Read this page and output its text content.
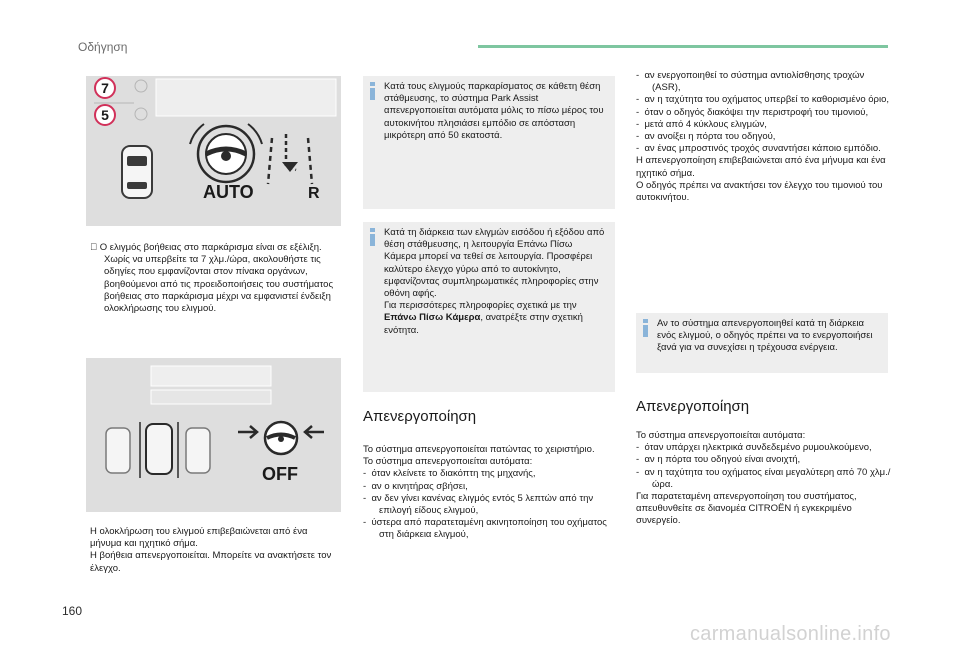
Οδήγηση
7
5
AUTO	R

Ο ελιγμός βοήθειας στο παρκάρισμα είναι σε εξέλιξη.

Χωρίς να υπερβείτε τα 7 χλμ./ώρα, ακολουθήστε τις οδηγίες που εμφανίζονται στον πίνακα οργάνων, βοηθούμενοι από τις προειδοποιήσεις του συστήματος βοήθειας στο παρκάρισμα μέχρι να εμφανιστεί ένδειξη ολοκλήρωσης του ελιγμού.

OFF

Η ολοκλήρωση του ελιγμού επιβεβαιώνεται από ένα μήνυμα και ηχητικό σήμα.

Η βοήθεια απενεργοποιείται. Μπορείτε να ανακτήσετε τον έλεγχο.

Κατά τους ελιγμούς παρκαρίσματος σε κάθετη θέση στάθμευσης, το σύστημα Park Assist απενεργοποιείται αυτόματα μόλις το πίσω μέρος του αυτοκινήτου πλησιάσει εμπόδιο σε απόσταση μικρότερη από 50 εκατοστά.
Κατά τη διάρκεια των ελιγμών εισόδου ή εξόδου από θέση στάθμευσης, η λειτουργία Επάνω Πίσω Κάμερα μπορεί να τεθεί σε λειτουργία. Προσφέρει καλύτερο έλεγχο γύρω από το αυτοκίνητο, εμφανίζοντας συμπληρωματικές πληροφορίες στην οθόνη αφής.
Για περισσότερες πληροφορίες σχετικά με την Επάνω Πίσω Κάμερα, ανατρέξτε στην σχετική ενότητα.
Απενεργοποίηση

Το σύστημα απενεργοποιείται πατώντας το χειριστήριο.

Το σύστημα απενεργοποιείται αυτόματα:

-  όταν κλείνετε το διακόπτη της μηχανής,

-  αν ο κινητήρας σβήσει,

-  αν δεν γίνει κανένας ελιγμός εντός 5 λεπτών από την επιλογή είδους ελιγμού,

-  ύστερα από παρατεταμένη ακινητοποίηση του οχήματος στη διάρκεια ελιγμού,

-  αν ενεργοποιηθεί το σύστημα αντιολίσθησης τροχών (ASR),

-  αν η ταχύτητα του οχήματος υπερβεί το καθορισμένο όριο,

-  όταν ο οδηγός διακόψει την περιστροφή του τιμονιού,

-  μετά από 4 κύκλους ελιγμών,

-  αν ανοίξει η πόρτα του οδηγού,

-  αν ένας μπροστινός τροχός συναντήσει κάποιο εμπόδιο.

Η απενεργοποίηση επιβεβαιώνεται από ένα μήνυμα και ένα ηχητικό σήμα.

Ο οδηγός πρέπει να ανακτήσει τον έλεγχο του τιμονιού του αυτοκινήτου.

Αν το σύστημα απενεργοποιηθεί κατά τη διάρκεια ενός ελιγμού, ο οδηγός πρέπει να το ενεργοποιήσει ξανά για να συνεχίσει η τρέχουσα ενέργεια.
Απενεργοποίηση

Το σύστημα απενεργοποιείται αυτόματα:

-  όταν υπάρχει ηλεκτρικά συνδεδεμένο ρυμουλκούμενο,

-  αν η πόρτα του οδηγού είναι ανοιχτή,

-  αν η ταχύτητα του οχήματος είναι μεγαλύτερη από 70 χλμ./ώρα.

Για παρατεταμένη απενεργοποίηση του συστήματος, απευθυνθείτε σε διανομέα CITROËN ή εγκεκριμένο συνεργείο.

160
carmanualsonline.info
